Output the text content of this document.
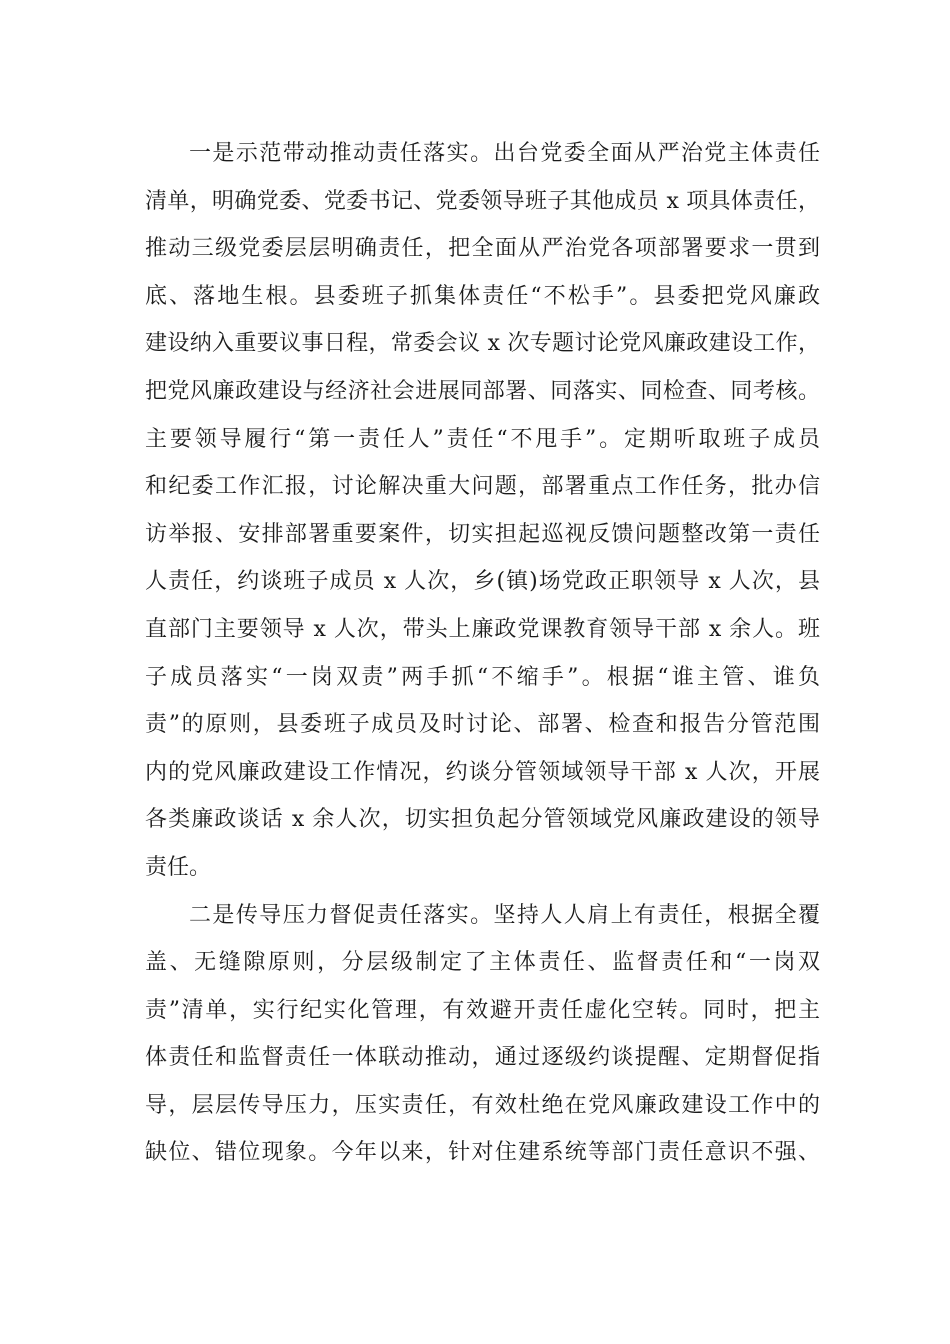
一是示范带动推动责任落实。出台党委全面从严治党主体责任
清单，明确党委、党委书记、党委领导班子其他成员 x 项具体责任，
推动三级党委层层明确责任，把全面从严治党各项部署要求一贯到
底、落地生根。县委班子抓集体责任“不松手”。县委把党风廉政
建设纳入重要议事日程，常委会议 x 次专题讨论党风廉政建设工作，
把党风廉政建设与经济社会进展同部署、同落实、同检查、同考核。
主要领导履行“第一责任人”责任“不甩手”。定期听取班子成员
和纪委工作汇报，讨论解决重大问题，部署重点工作任务，批办信
访举报、安排部署重要案件，切实担起巡视反馈问题整改第一责任
人责任，约谈班子成员 x 人次，乡(镇)场党政正职领导 x 人次，县
直部门主要领导 x 人次，带头上廉政党课教育领导干部 x 余人。班
子成员落实“一岗双责”两手抓“不缩手”。根据“谁主管、谁负
责”的原则，县委班子成员及时讨论、部署、检查和报告分管范围
内的党风廉政建设工作情况，约谈分管领域领导干部 x 人次，开展
各类廉政谈话 x 余人次，切实担负起分管领域党风廉政建设的领导
责任。
二是传导压力督促责任落实。坚持人人肩上有责任，根据全覆
盖、无缝隙原则，分层级制定了主体责任、监督责任和“一岗双
责”清单，实行纪实化管理，有效避开责任虚化空转。同时，把主
体责任和监督责任一体联动推动，通过逐级约谈提醒、定期督促指
导，层层传导压力，压实责任，有效杜绝在党风廉政建设工作中的
缺位、错位现象。今年以来，针对住建系统等部门责任意识不强、
